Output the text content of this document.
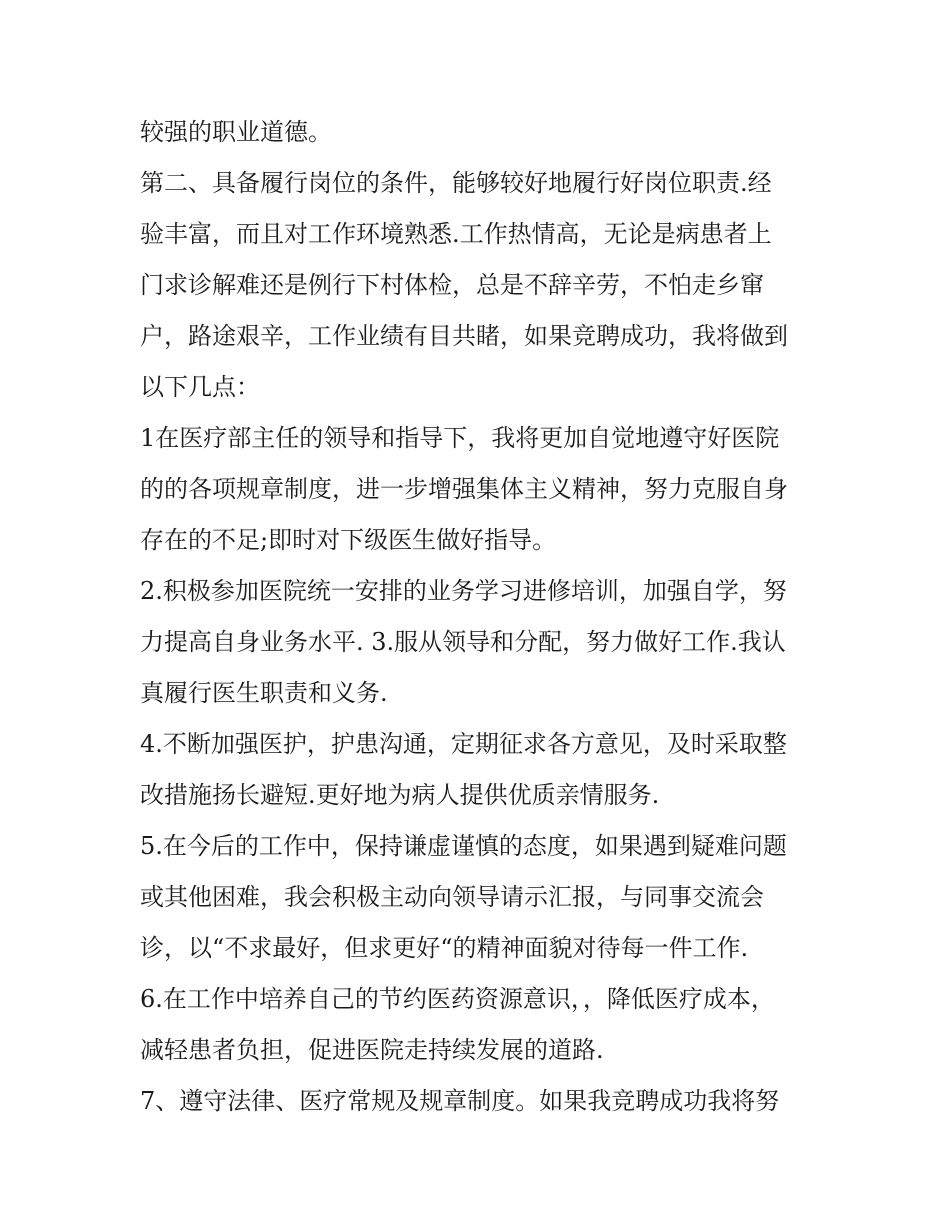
较强的职业道德。

第二、具备履行岗位的条件，能够较好地履行好岗位职责.经
验丰富，而且对工作环境熟悉.工作热情高，无论是病患者上
门求诊解难还是例行下村体检，总是不辞辛劳，不怕走乡窜
户，路途艰辛，工作业绩有目共睹，如果竞聘成功，我将做到
以下几点：

1在医疗部主任的领导和指导下，我将更加自觉地遵守好医院
的的各项规章制度，进一步增强集体主义精神，努力克服自身
存在的不足;即时对下级医生做好指导。

2.积极参加医院统一安排的业务学习进修培训，加强自学，努
力提高自身业务水平. 3.服从领导和分配，努力做好工作.我认
真履行医生职责和义务.

4.不断加强医护，护患沟通，定期征求各方意见，及时采取整
改措施扬长避短.更好地为病人提供优质亲情服务.

5.在今后的工作中，保持谦虚谨慎的态度，如果遇到疑难问题
或其他困难，我会积极主动向领导请示汇报，与同事交流会
诊，以“不求最好，但求更好“的精神面貌对待每一件工作.

6.在工作中培养自己的节约医药资源意识，，降低医疗成本，
减轻患者负担，促进医院走持续发展的道路.

7、遵守法律、医疗常规及规章制度。如果我竞聘成功我将努
